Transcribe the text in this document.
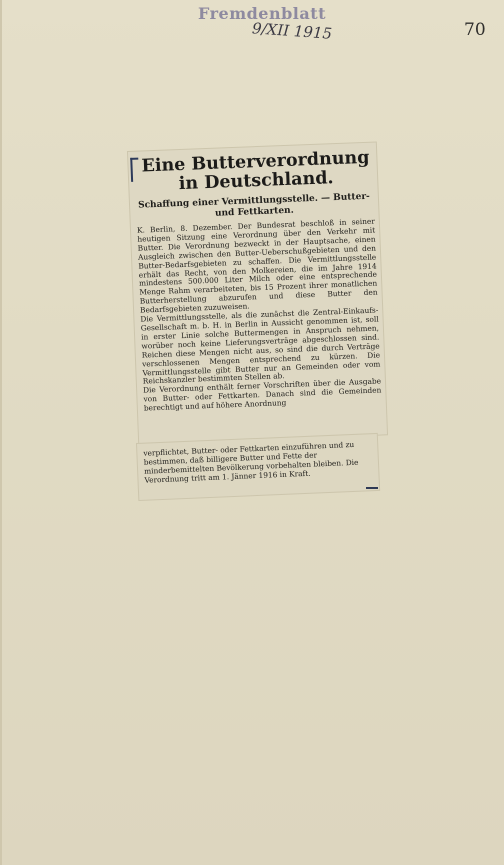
Fremdenblatt
9/XII 1915	70
Eine Butterverordnung in Deutschland.
Schaffung einer Vermittlungsstelle. — Butter- und Fettkarten.
K. Berlin, 8. Dezember. Der Bundesrat beschloß in seiner heutigen Sitzung eine Verordnung über den Verkehr mit Butter. Die Verordnung bezweckt in der Hauptsache, einen Ausgleich zwischen den Butter-Ueberschußgebieten und den Butter-Bedarfsgebieten zu schaffen. Die Vermittlungsstelle erhält das Recht, von den Molkereien, die im Jahre 1914 mindestens 500.000 Liter Milch oder eine entsprechende Menge Rahm verarbeiteten, bis 15 Prozent ihrer monatlichen Butterherstellung abzurufen und diese Butter den Bedarfsgebieten zuzuweisen.
Die Vermittlungsstelle, als die zunächst die Zentral-Einkaufs-Gesellschaft m. b. H. in Berlin in Aussicht genommen ist, soll in erster Linie solche Buttermengen in Anspruch nehmen, worüber noch keine Lieferungsverträge abgeschlossen sind. Reichen diese Mengen nicht aus, so sind die durch Verträge verschlossenen Mengen entsprechend zu kürzen. Die Vermittlungsstelle gibt Butter nur an Gemeinden oder vom Reichskanzler bestimmten Stellen ab.
Die Verordnung enthält ferner Vorschriften über die Ausgabe von Butter- oder Fettkarten. Danach sind die Gemeinden berechtigt und auf höhere Anordnung
verpflichtet, Butter- oder Fettkarten einzuführen und zu bestimmen, daß billigere Butter und Fette der minderbemittelten Bevölkerung vorbehalten bleiben. Die Verordnung tritt am 1. Jänner 1916 in Kraft.
